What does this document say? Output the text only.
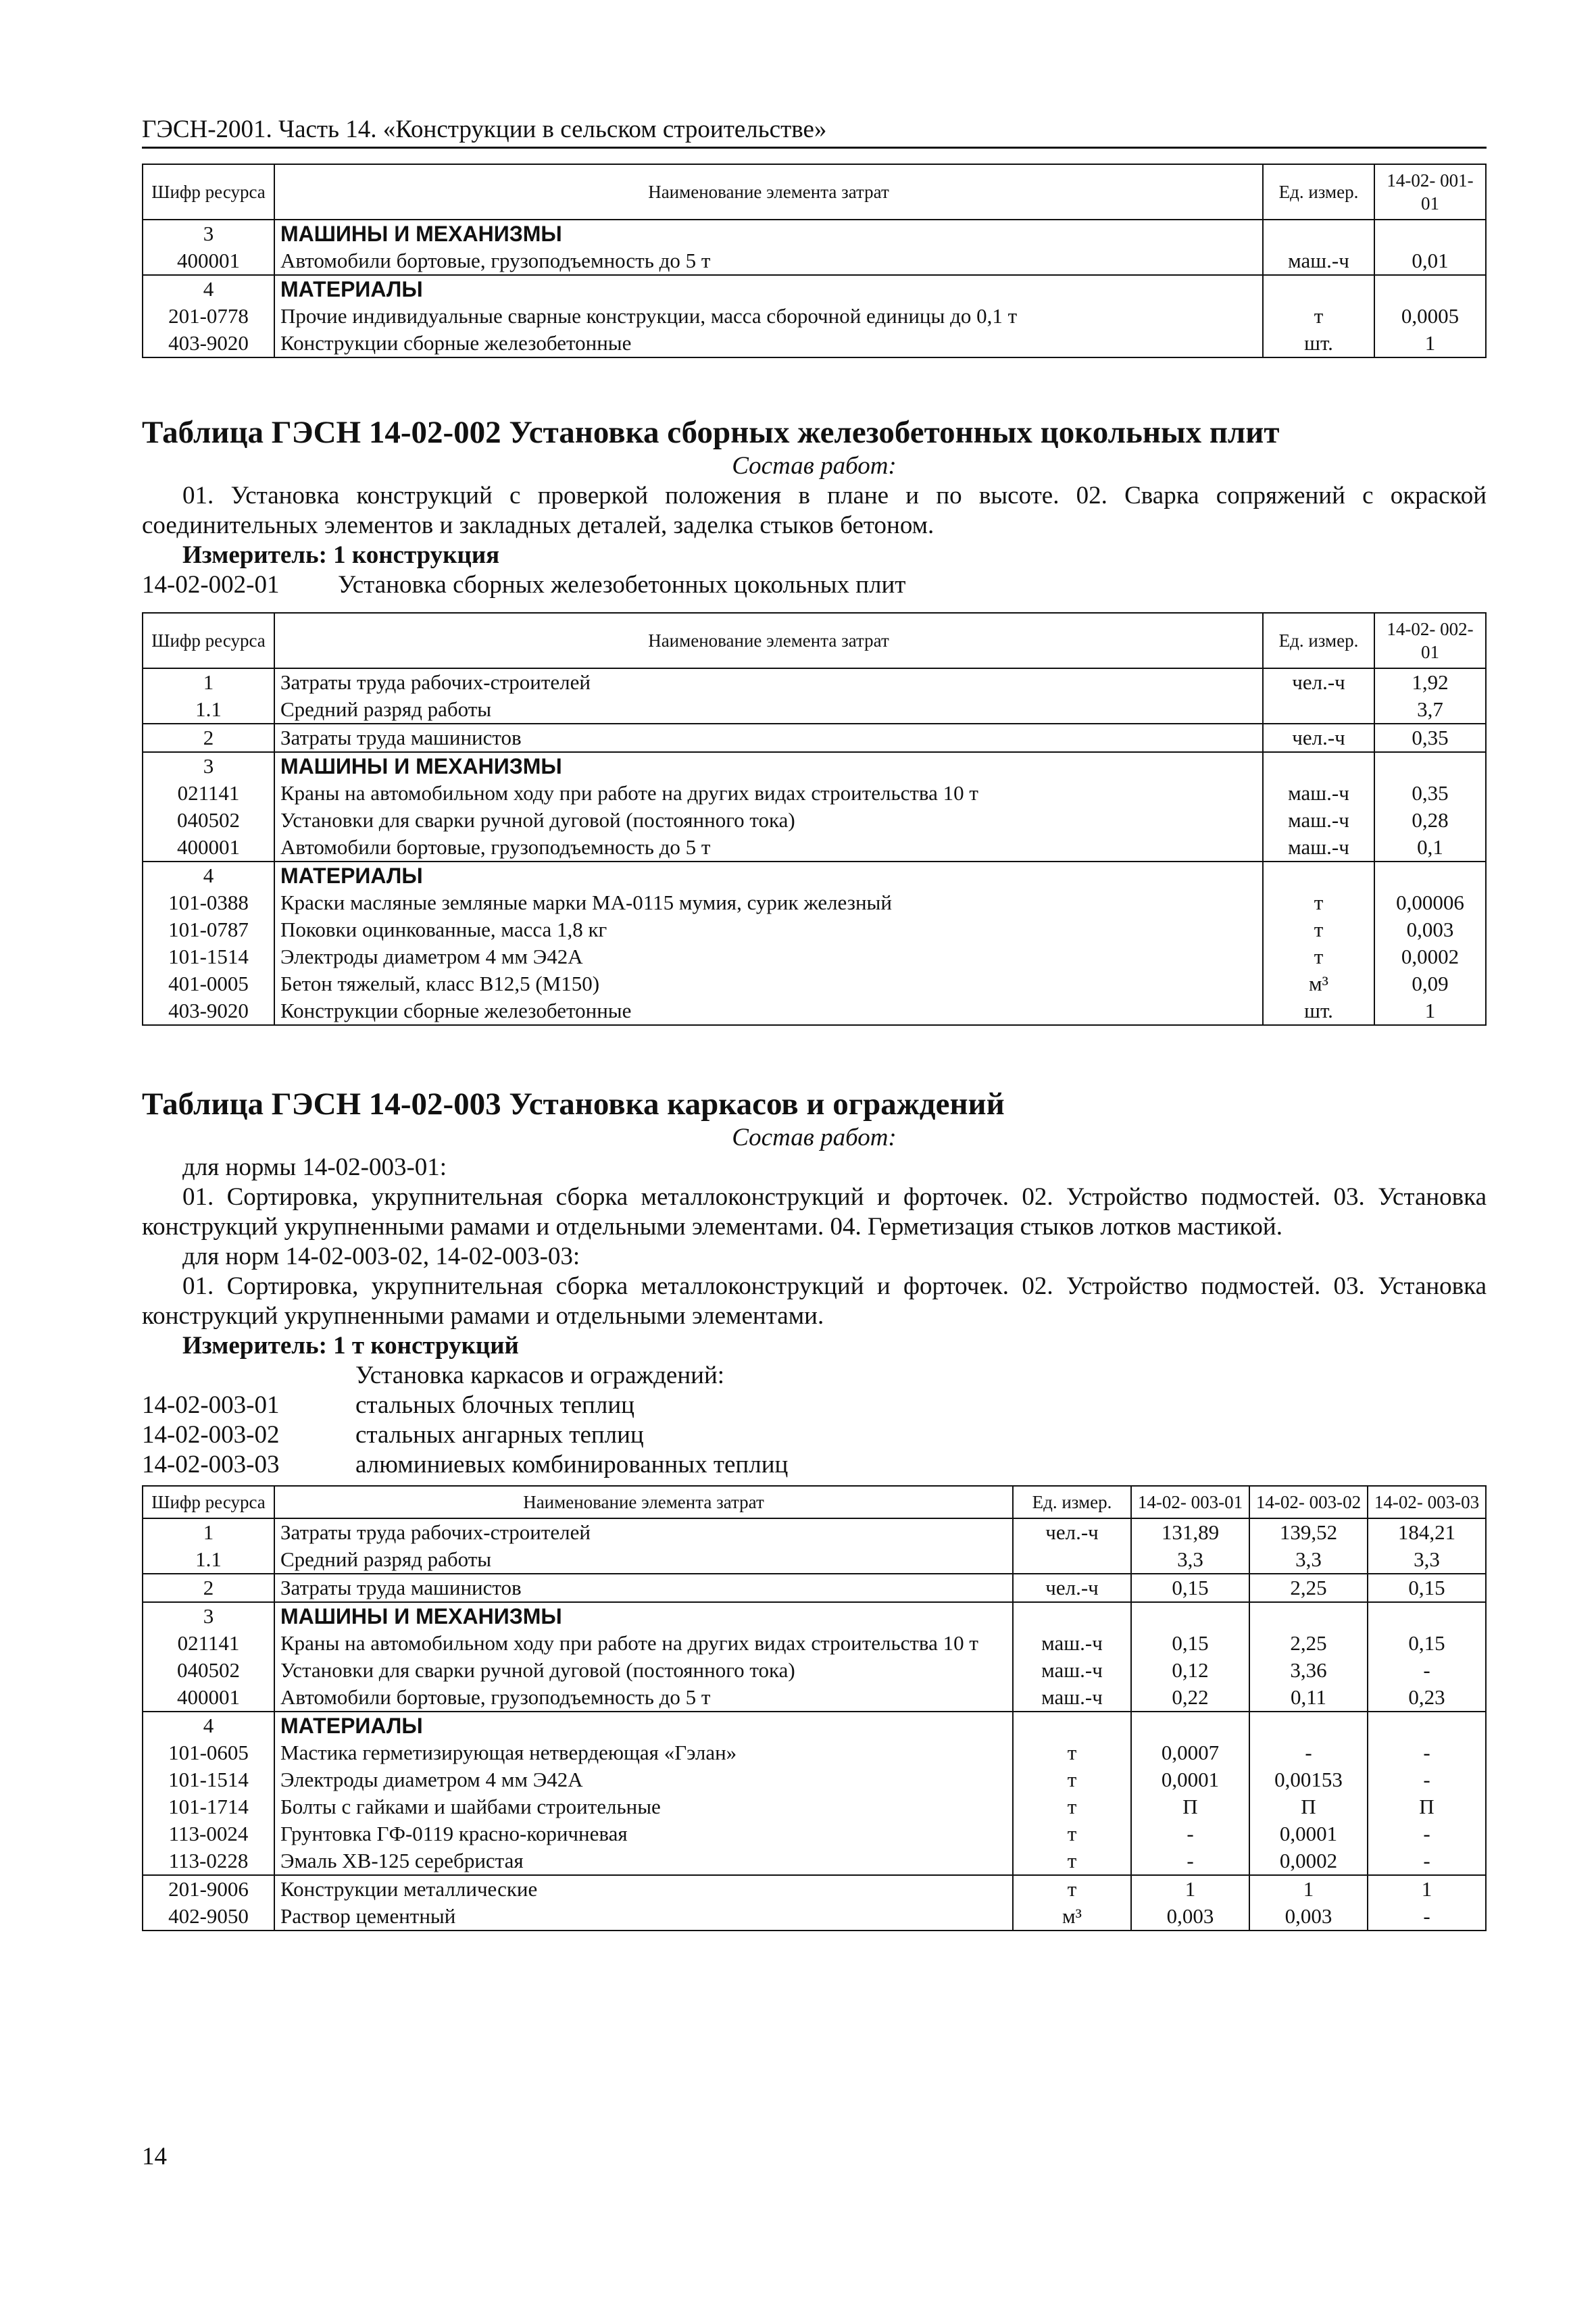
ГЭСН-2001. Часть 14. «Конструкции в сельском строительстве»
Шифр ресурса	Наименование элемента затрат	Ед. измер.	14-02- 001-01
3	МАШИНЫ И МЕХАНИЗМЫ		
400001	Автомобили бортовые, грузоподъемность до 5 т	маш.-ч	0,01
4	МАТЕРИАЛЫ		
201-0778	Прочие индивидуальные сварные конструкции, масса сборочной единицы до 0,1 т	т	0,0005
403-9020	Конструкции сборные железобетонные	шт.	1
Таблица ГЭСН 14-02-002 Установка сборных железобетонных цокольных плит
Состав работ:
01. Установка конструкций с проверкой положения в плане и по высоте. 02. Сварка сопряжений с окраской соединительных элементов и закладных деталей, заделка стыков бетоном.
Измеритель: 1 конструкция
14-02-002-01	Установка сборных железобетонных цокольных плит
Шифр ресурса	Наименование элемента затрат	Ед. измер.	14-02- 002-01
1	Затраты труда рабочих-строителей	чел.-ч	1,92
1.1	Средний разряд работы		3,7
2	Затраты труда машинистов	чел.-ч	0,35
3	МАШИНЫ И МЕХАНИЗМЫ		
021141	Краны на автомобильном ходу при работе на других видах строительства 10 т	маш.-ч	0,35
040502	Установки для сварки ручной дуговой (постоянного тока)	маш.-ч	0,28
400001	Автомобили бортовые, грузоподъемность до 5 т	маш.-ч	0,1
4	МАТЕРИАЛЫ		
101-0388	Краски масляные земляные марки МА-0115 мумия, сурик железный	т	0,00006
101-0787	Поковки оцинкованные, масса 1,8 кг	т	0,003
101-1514	Электроды диаметром 4 мм Э42А	т	0,0002
401-0005	Бетон тяжелый, класс В12,5 (М150)	м³	0,09
403-9020	Конструкции сборные железобетонные	шт.	1
Таблица ГЭСН 14-02-003 Установка каркасов и ограждений
Состав работ:
для нормы 14-02-003-01:
01. Сортировка, укрупнительная сборка металлоконструкций и форточек. 02. Устройство подмостей. 03. Установка конструкций укрупненными рамами и отдельными элементами. 04. Герметизация стыков лотков мастикой.
для норм 14-02-003-02, 14-02-003-03:
01. Сортировка, укрупнительная сборка металлоконструкций и форточек. 02. Устройство подмостей. 03. Установка конструкций укрупненными рамами и отдельными элементами.
Измеритель: 1 т конструкций
Установка каркасов и ограждений:
14-02-003-01	стальных блочных теплиц
14-02-003-02	стальных ангарных теплиц
14-02-003-03	алюминиевых комбинированных теплиц
Шифр ресурса	Наименование элемента затрат	Ед. измер.	14-02- 003-01	14-02- 003-02	14-02- 003-03
1	Затраты труда рабочих-строителей	чел.-ч	131,89	139,52	184,21
1.1	Средний разряд работы		3,3	3,3	3,3
2	Затраты труда машинистов	чел.-ч	0,15	2,25	0,15
3	МАШИНЫ И МЕХАНИЗМЫ				
021141	Краны на автомобильном ходу при работе на других видах строительства 10 т	маш.-ч	0,15	2,25	0,15
040502	Установки для сварки ручной дуговой (постоянного тока)	маш.-ч	0,12	3,36	-
400001	Автомобили бортовые, грузоподъемность до 5 т	маш.-ч	0,22	0,11	0,23
4	МАТЕРИАЛЫ				
101-0605	Мастика герметизирующая нетвердеющая «Гэлан»	т	0,0007	-	-
101-1514	Электроды диаметром 4 мм Э42А	т	0,0001	0,00153	-
101-1714	Болты с гайками и шайбами строительные	т	П	П	П
113-0024	Грунтовка ГФ-0119 красно-коричневая	т	-	0,0001	-
113-0228	Эмаль ХВ-125 серебристая	т	-	0,0002	-
201-9006	Конструкции металлические	т	1	1	1
402-9050	Раствор цементный	м³	0,003	0,003	-
14
